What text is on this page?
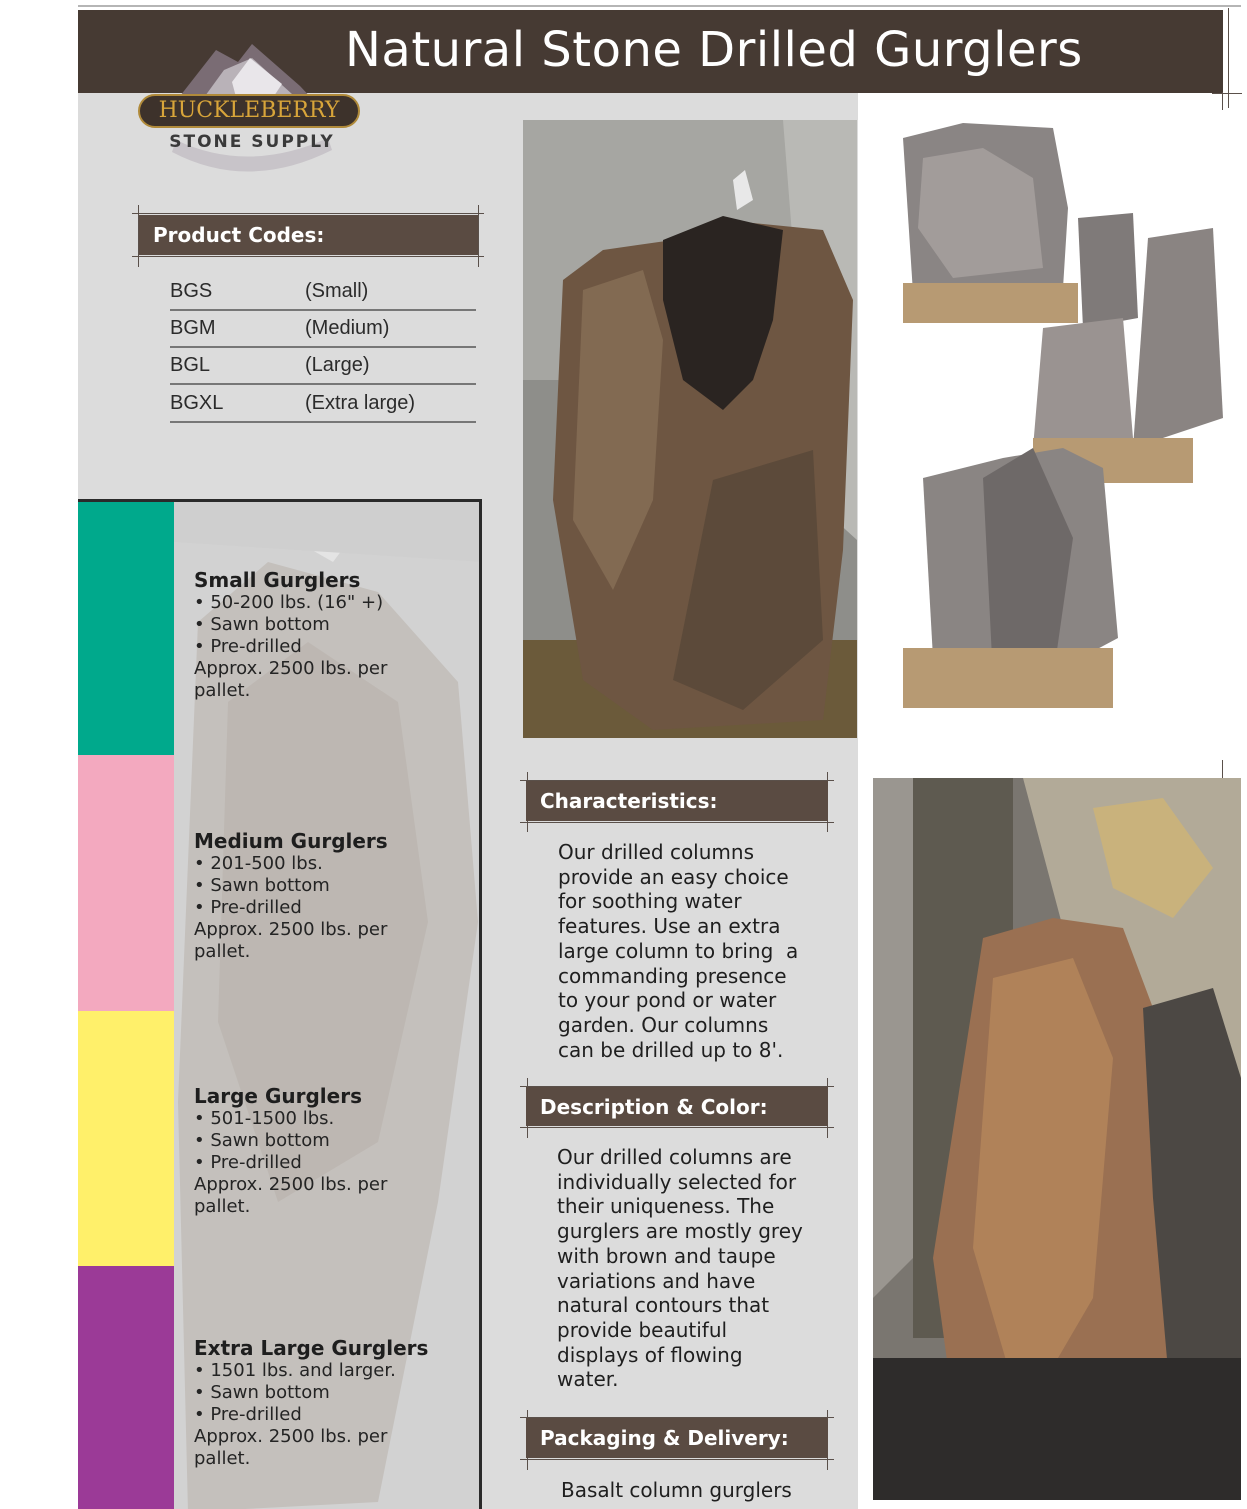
Natural Stone Drilled Gurglers
HUCKLEBERRY
STONE SUPPLY
Product Codes:
BGS	(Small)
BGM	(Medium)
BGL	(Large)
BGXL	(Extra large)
Small Gurglers
• 50-200 lbs. (16" +)
• Sawn bottom
• Pre-drilled
Approx. 2500 lbs. per
pallet.
Medium Gurglers
• 201-500 lbs.
• Sawn bottom
• Pre-drilled
Approx. 2500 lbs. per
pallet.
Large Gurglers
• 501-1500 lbs.
• Sawn bottom
• Pre-drilled
Approx. 2500 lbs. per
pallet.
Extra Large Gurglers
• 1501 lbs. and larger.
• Sawn bottom
• Pre-drilled
Approx. 2500 lbs. per
pallet.
Characteristics:
Our drilled columns
provide an easy choice
for soothing water
features. Use an extra
large column to bring  a
commanding presence
to your pond or water
garden. Our columns
can be drilled up to 8'.
Description & Color:
Our drilled columns are
individually selected for
their uniqueness. The
gurglers are mostly grey
with brown and taupe
variations and have
natural contours that
provide beautiful
displays of flowing
water.
Packaging & Delivery:
Basalt column gurglers
